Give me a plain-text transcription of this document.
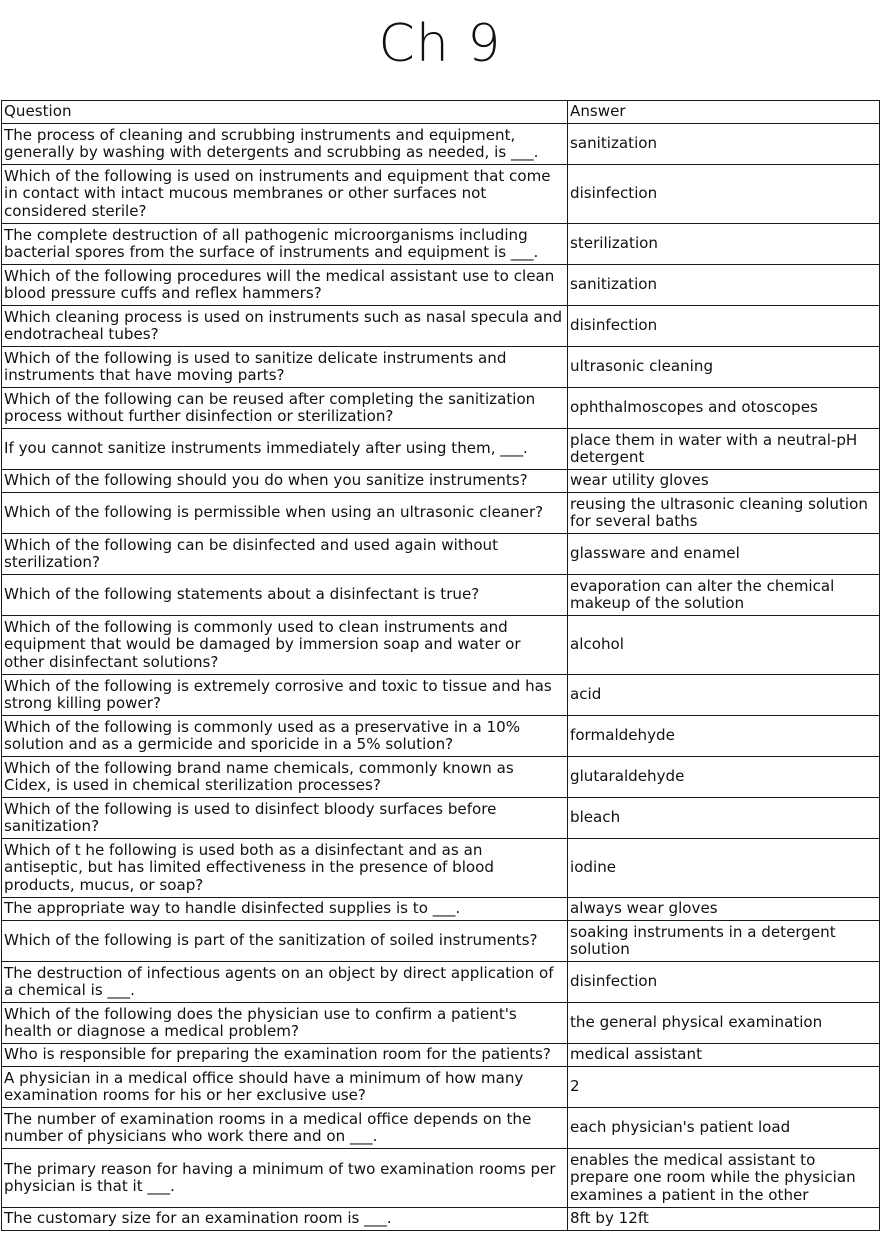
Ch 9
Question	Answer
The process of cleaning and scrubbing instruments and equipment, generally by washing with detergents and scrubbing as needed, is ___.	sanitization
Which of the following is used on instruments and equipment that come in contact with intact mucous membranes or other surfaces not considered sterile?	disinfection
The complete destruction of all pathogenic microorganisms including bacterial spores from the surface of instruments and equipment is ___.	sterilization
Which of the following procedures will the medical assistant use to clean blood pressure cuffs and reflex hammers?	sanitization
Which cleaning process is used on instruments such as nasal specula and endotracheal tubes?	disinfection
Which of the following is used to sanitize delicate instruments and instruments that have moving parts?	ultrasonic cleaning
Which of the following can be reused after completing the sanitization process without further disinfection or sterilization?	ophthalmoscopes and otoscopes
If you cannot sanitize instruments immediately after using them, ___.	place them in water with a neutral-pH detergent
Which of the following should you do when you sanitize instruments?	wear utility gloves
Which of the following is permissible when using an ultrasonic cleaner?	reusing the ultrasonic cleaning solution for several baths
Which of the following can be disinfected and used again without sterilization?	glassware and enamel
Which of the following statements about a disinfectant is true?	evaporation can alter the chemical makeup of the solution
Which of the following is commonly used to clean instruments and equipment that would be damaged by immersion soap and water or other disinfectant solutions?	alcohol
Which of the following is extremely corrosive and toxic to tissue and has strong killing power?	acid
Which of the following is commonly used as a preservative in a 10% solution and as a germicide and sporicide in a 5% solution?	formaldehyde
Which of the following brand name chemicals, commonly known as Cidex, is used in chemical sterilization processes?	glutaraldehyde
Which of the following is used to disinfect bloody surfaces before sanitization?	bleach
Which of t he following is used both as a disinfectant and as an antiseptic, but has limited effectiveness in the presence of blood products, mucus, or soap?	iodine
The appropriate way to handle disinfected supplies is to ___.	always wear gloves
Which of the following is part of the sanitization of soiled instruments?	soaking instruments in a detergent solution
The destruction of infectious agents on an object by direct application of a chemical is ___.	disinfection
Which of the following does the physician use to confirm a patient's health or diagnose a medical problem?	the general physical examination
Who is responsible for preparing the examination room for the patients?	medical assistant
A physician in a medical office should have a minimum of how many examination rooms for his or her exclusive use?	2
The number of examination rooms in a medical office depends on the number of physicians who work there and on ___.	each physician's patient load
The primary reason for having a minimum of two examination rooms per physician is that it ___.	enables the medical assistant to prepare one room while the physician examines a patient in the other
The customary size for an examination room is ___.	8ft by 12ft
